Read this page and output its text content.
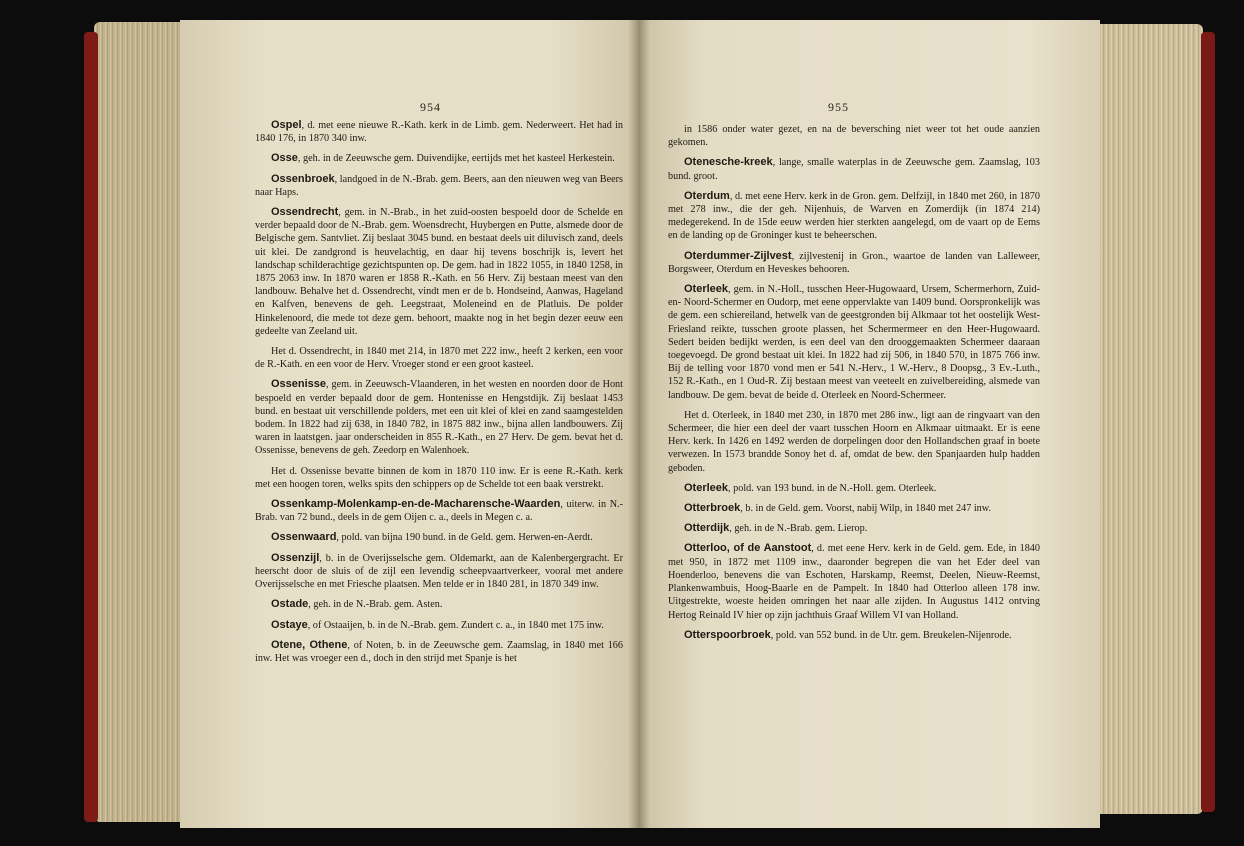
954

Ospel, d. met eene nieuwe R.-Kath. kerk in de Limb. gem. Nederweert. Het had in 1840 176, in 1870 340 inw.

Osse, geh. in de Zeeuwsche gem. Duivendijke, eertijds met het kasteel Herkestein.

Ossenbroek, landgoed in de N.-Brab. gem. Beers, aan den nieuwen weg van Beers naar Haps.

Ossendrecht, gem. in N.-Brab., in het zuid-oosten bespoeld door de Schelde en verder bepaald door de N.-Brab. gem. Woensdrecht, Huybergen en Putte, alsmede door de Belgische gem. Santvliet. Zij beslaat 3045 bund. en bestaat deels uit diluvisch zand, deels uit klei. De zandgrond is heuvelachtig, en daar hij tevens boschrijk is, levert het landschap schilderachtige gezichtspunten op. De gem. had in 1822 1055, in 1840 1258, in 1875 2063 inw. In 1870 waren er 1858 R.-Kath. en 56 Herv. Zij bestaan meest van den landbouw. Behalve het d. Ossendrecht, vindt men er de b. Hondseind, Aanwas, Hageland en Kalfven, benevens de geh. Leegstraat, Moleneind en de Platluis. De polder Hinkelenoord, die mede tot deze gem. behoort, maakte nog in het begin dezer eeuw een gedeelte van Zeeland uit.

Het d. Ossendrecht, in 1840 met 214, in 1870 met 222 inw., heeft 2 kerken, een voor de R.-Kath. en een voor de Herv. Vroeger stond er een groot kasteel.

Ossenisse, gem. in Zeeuwsch-Vlaanderen, in het westen en noorden door de Hont bespoeld en verder bepaald door de gem. Hontenisse en Hengstdijk. Zij beslaat 1453 bund. en bestaat uit verschillende polders, met een uit klei of klei en zand saamgestelden bodem. In 1822 had zij 638, in 1840 782, in 1875 882 inw., bijna allen landbouwers. Zij waren in laatstgen. jaar onderscheiden in 855 R.-Kath., en 27 Herv. De gem. bevat het d. Ossenisse, benevens de geh. Zeedorp en Walenhoek.

Het d. Ossenisse bevatte binnen de kom in 1870 110 inw. Er is eene R.-Kath. kerk met een hoogen toren, welks spits den schippers op de Schelde tot een baak verstrekt.

Ossenkamp-Molenkamp-en-de-Macharensche-Waarden, uiterw. in N.-Brab. van 72 bund., deels in de gem Oijen c. a., deels in Megen c. a.

Ossenwaard, pold. van bijna 190 bund. in de Geld. gem. Herwen-en-Aerdt.

Ossenzijl, b. in de Overijsselsche gem. Oldemarkt, aan de Kalenbergergracht. Er heerscht door de sluis of de zijl een levendig scheepvaartverkeer, vooral met andere Overijsselsche en met Friesche plaatsen. Men telde er in 1840 281, in 1870 349 inw.

Ostade, geh. in de N.-Brab. gem. Asten.

Ostaye, of Ostaaijen, b. in de N.-Brab. gem. Zundert c. a., in 1840 met 175 inw.

Otene, Othene, of Noten, b. in de Zeeuwsche gem. Zaamslag, in 1840 met 166 inw. Het was vroeger een d., doch in den strijd met Spanje is het

955

in 1586 onder water gezet, en na de beversching niet weer tot het oude aanzien gekomen.

Otenesche-kreek, lange, smalle waterplas in de Zeeuwsche gem. Zaamslag, 103 bund. groot.

Oterdum, d. met eene Herv. kerk in de Gron. gem. Delfzijl, in 1840 met 260, in 1870 met 278 inw., die der geh. Nijenhuis, de Warven en Zomerdijk (in 1874 214) medegerekend. In de 15de eeuw werden hier sterkten aangelegd, om de vaart op de Eems en de landing op de Groninger kust te beheerschen.

Oterdummer-Zijlvest, zijlvestenij in Gron., waartoe de landen van Lalleweer, Borgsweer, Oterdum en Heveskes behooren.

Oterleek, gem. in N.-Holl., tusschen Heer-Hugowaard, Ursem, Schermerhorn, Zuid- en- Noord-Schermer en Oudorp, met eene oppervlakte van 1409 bund. Oorspronkelijk was de gem. een schiereiland, hetwelk van de geestgronden bij Alkmaar tot het oostelijk West-Friesland reikte, tusschen groote plassen, het Schermermeer en den Heer-Hugowaard. Sedert beiden bedijkt werden, is een deel van den drooggemaakten Schermeer daaraan toegevoegd. De grond bestaat uit klei. In 1822 had zij 506, in 1840 570, in 1875 766 inw. Bij de telling voor 1870 vond men er 541 N.-Herv., 1 W.-Herv., 8 Doopsg., 3 Ev.-Luth., 152 R.-Kath., en 1 Oud-R. Zij bestaan meest van veeteelt en zuivelbereiding, alsmede van landbouw. De gem. bevat de beide d. Oterleek en Noord-Schermeer.

Het d. Oterleek, in 1840 met 230, in 1870 met 286 inw., ligt aan de ringvaart van den Schermeer, die hier een deel der vaart tusschen Hoorn en Alkmaar uitmaakt. Er is eene Herv. kerk. In 1426 en 1492 werden de dorpelingen door den Hollandschen graaf in boete verwezen. In 1573 brandde Sonoy het d. af, omdat de bew. den Spanjaarden hulp hadden geboden.

Oterleek, pold. van 193 bund. in de N.-Holl. gem. Oterleek.

Otterbroek, b. in de Geld. gem. Voorst, nabij Wilp, in 1840 met 247 inw.

Otterdijk, geh. in de N.-Brab. gem. Lierop.

Otterloo, of de Aanstoot, d. met eene Herv. kerk in de Geld. gem. Ede, in 1840 met 950, in 1872 met 1109 inw., daaronder begrepen die van het Eder deel van Hoenderloo, benevens die van Eschoten, Harskamp, Reemst, Deelen, Nieuw-Reemst, Plankenwambuis, Hoog-Baarle en de Pampelt. In 1840 had Otterloo alleen 178 inw. Uitgestrekte, woeste heiden omringen het naar alle zijden. In Augustus 1412 ontving Hertog Reinald IV hier op zijn jachthuis Graaf Willem VI van Holland.

Otterspoorbroek, pold. van 552 bund. in de Utr. gem. Breukelen-Nijenrode.
